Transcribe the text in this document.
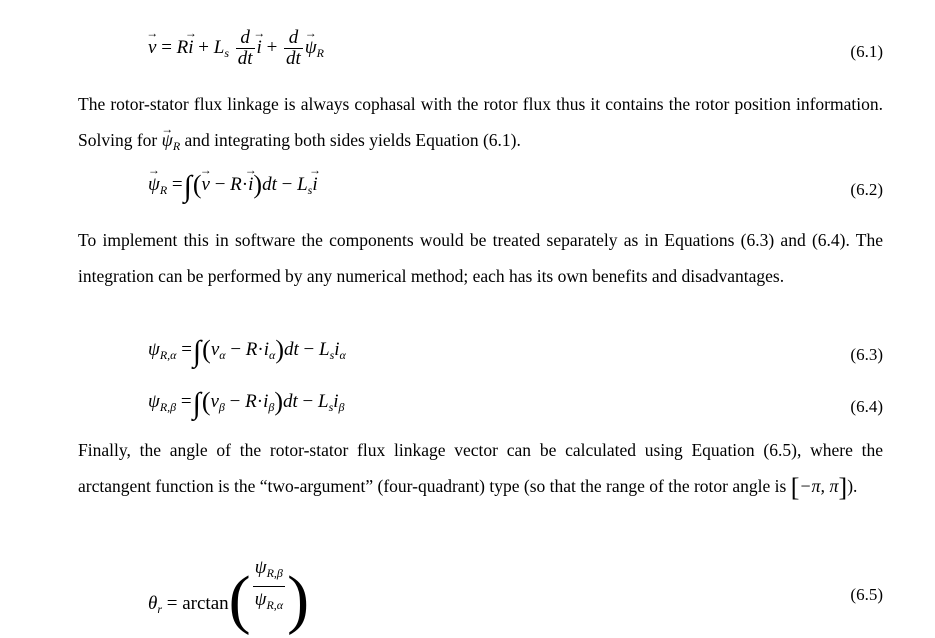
v → = Ri → + $L_s \frac{d}{dt}$ i → + $\frac{d}{dt}$ $\psi \to_R$	(6.1)
The rotor-stator flux linkage is always cophasal with the rotor flux thus it contains the rotor position information. Solving for $\psi \to_R$ and integrating both sides yields Equation (6.1).
$\psi \to_R =\int(v$ → − $R\cdot i \to)dt - L_si$ →	(6.2)
To implement this in software the components would be treated separately as in Equations (6.3) and (6.4). The integration can be performed by any numerical method; each has its own benefits and disadvantages.
$\psi_{R,\alpha} =\int(v_\alpha - R\cdot i_\alpha)dt - L_si_\alpha$	(6.3)
$\psi_{R,\beta} =\int(v_\beta - R\cdot i_\beta)dt - L_si_\beta$	(6.4)
Finally, the angle of the rotor-stator flux linkage vector can be calculated using Equation (6.5), where the arctangent function is the “two-argument” (four-quadrant) type (so that the range of the rotor angle is [−π, π]).
$\theta_r = \arctan( \frac{\psi_{R,\beta}}{\psi_{R,\alpha}}$ )	(6.5)
